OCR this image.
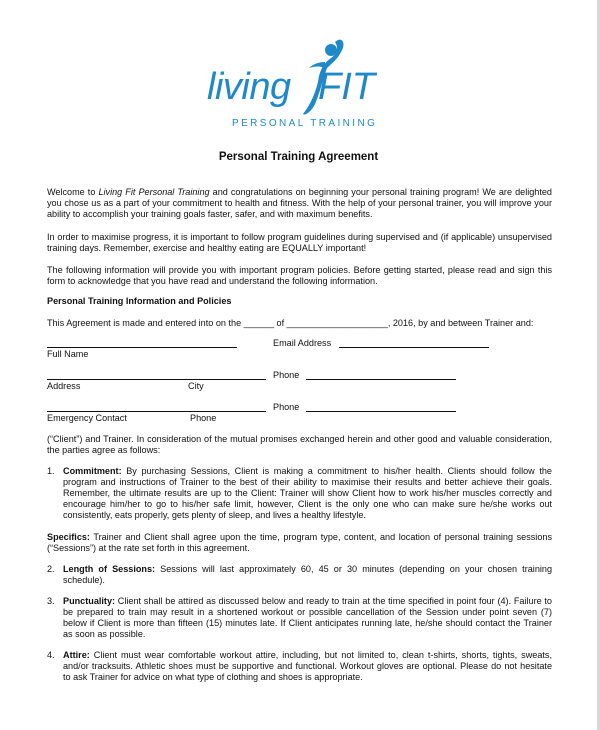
living FIT
PERSONAL TRAINING
Personal Training Agreement
Welcome to Living Fit Personal Training and congratulations on beginning your personal training program! We are delighted you chose us as a part of your commitment to health and fitness. With the help of your personal trainer, you will improve your ability to accomplish your training goals faster, safer, and with maximum benefits.
In order to maximise progress, it is important to follow program guidelines during supervised and (if applicable) unsupervised training days. Remember, exercise and healthy eating are EQUALLY important!
The following information will provide you with important program policies. Before getting started, please read and sign this form to acknowledge that you have read and understand the following information.
Personal Training Information and Policies
This Agreement is made and entered into on the ______ of ____________________, 2016, by and between Trainer and:
Full Name
Email Address
Address	City
Phone
Emergency Contact	Phone
Phone
(“Client”) and Trainer. In consideration of the mutual promises exchanged herein and other good and valuable consideration, the parties agree as follows:
1. Commitment: By purchasing Sessions, Client is making a commitment to his/her health. Clients should follow the program and instructions of Trainer to the best of their ability to maximise their results and better achieve their goals. Remember, the ultimate results are up to the Client: Trainer will show Client how to work his/her muscles correctly and encourage him/her to go to his/her safe limit, however, Client is the only one who can make sure he/she works out consistently, eats properly, gets plenty of sleep, and lives a healthy lifestyle.
Specifics: Trainer and Client shall agree upon the time, program type, content, and location of personal training sessions (“Sessions”) at the rate set forth in this agreement.
2. Length of Sessions: Sessions will last approximately 60, 45 or 30 minutes (depending on your chosen training schedule).
3. Punctuality: Client shall be attired as discussed below and ready to train at the time specified in point four (4). Failure to be prepared to train may result in a shortened workout or possible cancellation of the Session under point seven (7) below if Client is more than fifteen (15) minutes late. If Client anticipates running late, he/she should contact the Trainer as soon as possible.
4. Attire: Client must wear comfortable workout attire, including, but not limited to, clean t-shirts, shorts, tights, sweats, and/or tracksuits. Athletic shoes must be supportive and functional. Workout gloves are optional. Please do not hesitate to ask Trainer for advice on what type of clothing and shoes is appropriate.
